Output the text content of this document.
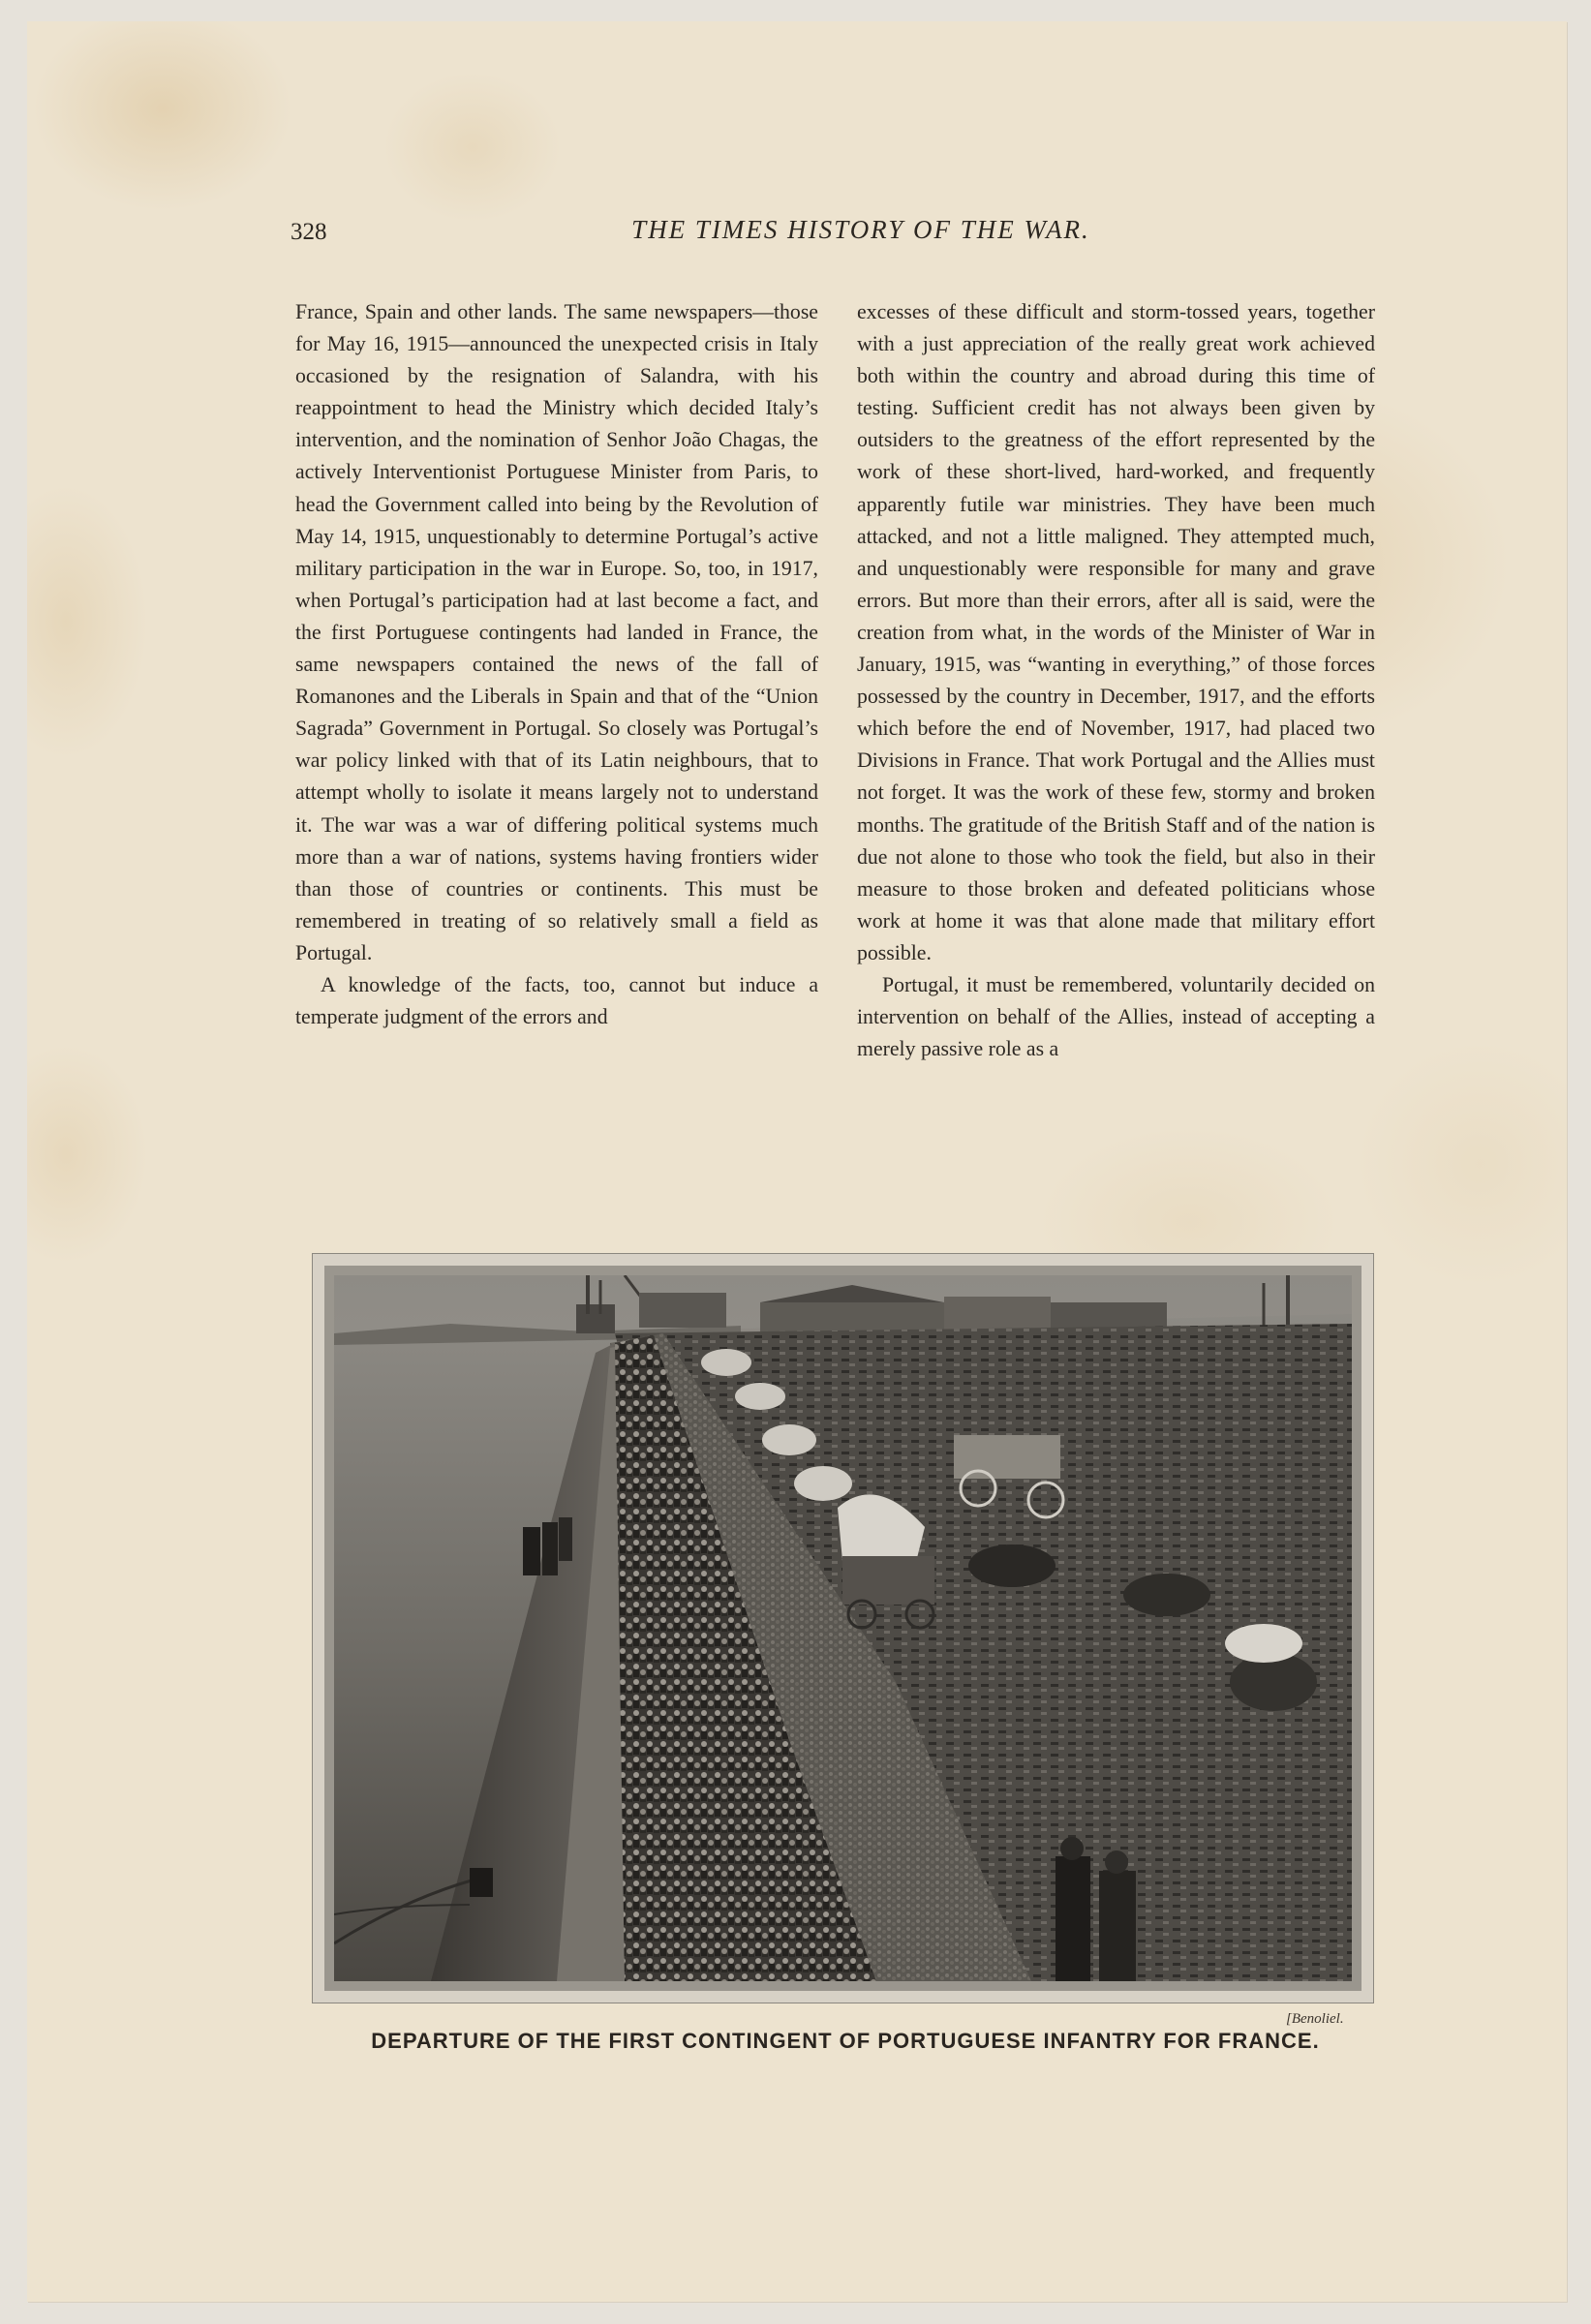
328	THE TIMES HISTORY OF THE WAR.

France, Spain and other lands. The same newspapers—those for May 16, 1915—announced the unexpected crisis in Italy occasioned by the resignation of Salandra, with his reappointment to head the Ministry which decided Italy’s intervention, and the nomination of Senhor João Chagas, the actively Interventionist Portuguese Minister from Paris, to head the Government called into being by the Revolution of May 14, 1915, unquestionably to determine Portugal’s active military participation in the war in Europe. So, too, in 1917, when Portugal’s participation had at last become a fact, and the first Portuguese contingents had landed in France, the same newspapers contained the news of the fall of Romanones and the Liberals in Spain and that of the “Union Sagrada” Government in Portugal. So closely was Portugal’s war policy linked with that of its Latin neighbours, that to attempt wholly to isolate it means largely not to understand it. The war was a war of differing political systems much more than a war of nations, systems having frontiers wider than those of countries or continents. This must be remembered in treating of so relatively small a field as Portugal.

A knowledge of the facts, too, cannot but induce a temperate judgment of the errors and

excesses of these difficult and storm-tossed years, together with a just appreciation of the really great work achieved both within the country and abroad during this time of testing. Sufficient credit has not always been given by outsiders to the greatness of the effort represented by the work of these short-lived, hard-worked, and frequently apparently futile war ministries. They have been much attacked, and not a little maligned. They attempted much, and unquestionably were responsible for many and grave errors. But more than their errors, after all is said, were the creation from what, in the words of the Minister of War in January, 1915, was “wanting in everything,” of those forces possessed by the country in December, 1917, and the efforts which before the end of November, 1917, had placed two Divisions in France. That work Portugal and the Allies must not forget. It was the work of these few, stormy and broken months. The gratitude of the British Staff and of the nation is due not alone to those who took the field, but also in their measure to those broken and defeated politicians whose work at home it was that alone made that military effort possible.

Portugal, it must be remembered, voluntarily decided on intervention on behalf of the Allies, instead of accepting a merely passive role as a

[Benoliel.
DEPARTURE OF THE FIRST CONTINGENT OF PORTUGUESE INFANTRY FOR FRANCE.
